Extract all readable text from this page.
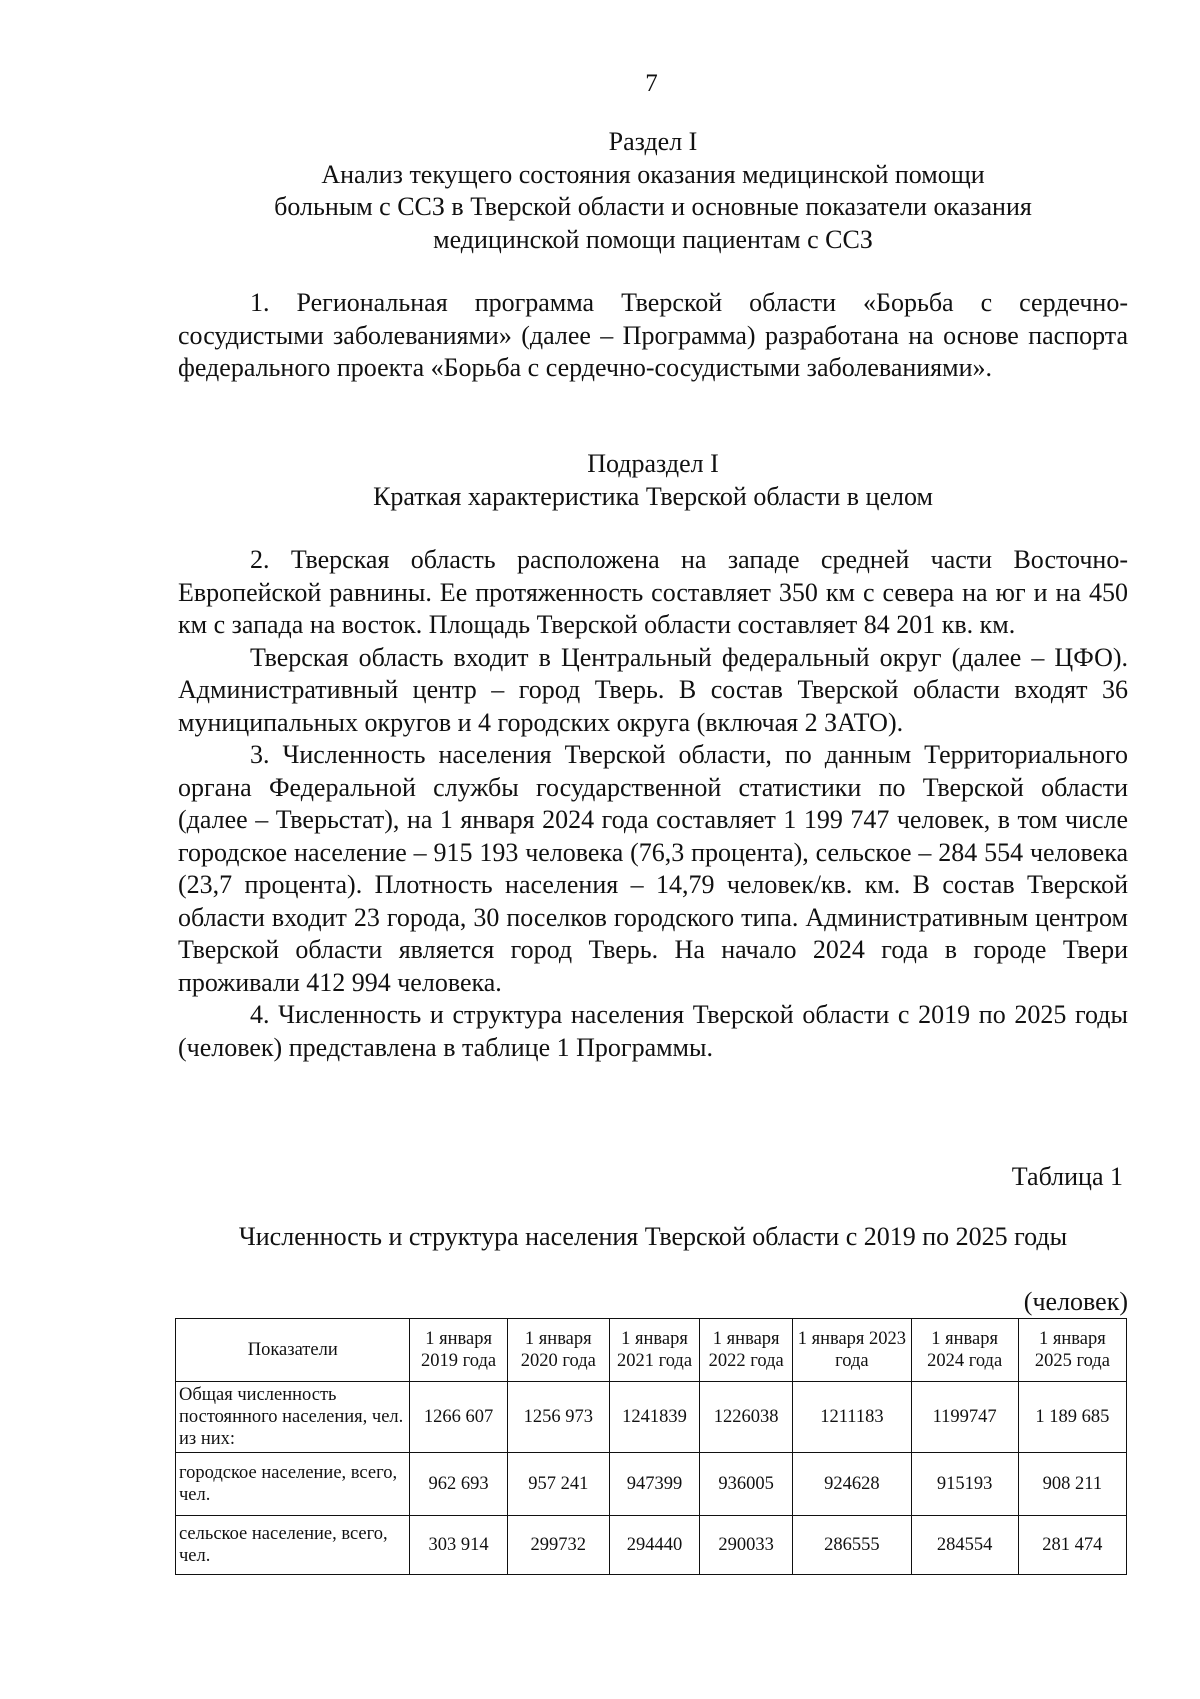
7

Раздел I

Анализ текущего состояния оказания медицинской помощи

больным с ССЗ в Тверской области и основные показатели оказания

медицинской помощи пациентам с ССЗ

1. Региональная программа Тверской области «Борьба с сердечно-сосудистыми заболеваниями» (далее – Программа) разработана на основе паспорта федерального проекта «Борьба с сердечно-сосудистыми заболеваниями».

Подраздел I

Краткая характеристика Тверской области в целом

2. Тверская область расположена на западе средней части Восточно-Европейской равнины. Ее протяженность составляет 350 км с севера на юг и на 450 км с запада на восток. Площадь Тверской области составляет 84 201 кв. км.

Тверская область входит в Центральный федеральный округ (далее – ЦФО). Административный центр – город Тверь. В состав Тверской области входят 36 муниципальных округов и 4 городских округа (включая 2 ЗАТО).

3. Численность населения Тверской области, по данным Территориального органа Федеральной службы государственной статистики по Тверской области (далее – Тверьстат), на 1 января 2024 года составляет 1 199 747 человек, в том числе городское население – 915 193 человека (76,3 процента), сельское – 284 554 человека (23,7 процента). Плотность населения – 14,79 человек/кв. км. В состав Тверской области входит 23 города, 30 поселков городского типа. Административным центром Тверской области является город Тверь. На начало 2024 года в городе Твери проживали 412 994 человека.

4. Численность и структура населения Тверской области с 2019 по 2025 годы (человек) представлена в таблице 1 Программы.

Таблица 1
Численность и структура населения Тверской области с 2019 по 2025 годы
(человек)
Показатели	1 января 2019 года	1 января 2020 года	1 января 2021 года	1 января 2022 года	1 января 2023 года	1 января 2024 года	1 января 2025 года
Общая численность постоянного населения, чел. из них:	1266 607	1256 973	1241839	1226038	1211183	1199747	1 189 685
городское население, всего, чел.	962 693	957 241	947399	936005	924628	915193	908 211
сельское население, всего, чел.	303 914	299732	294440	290033	286555	284554	281 474
